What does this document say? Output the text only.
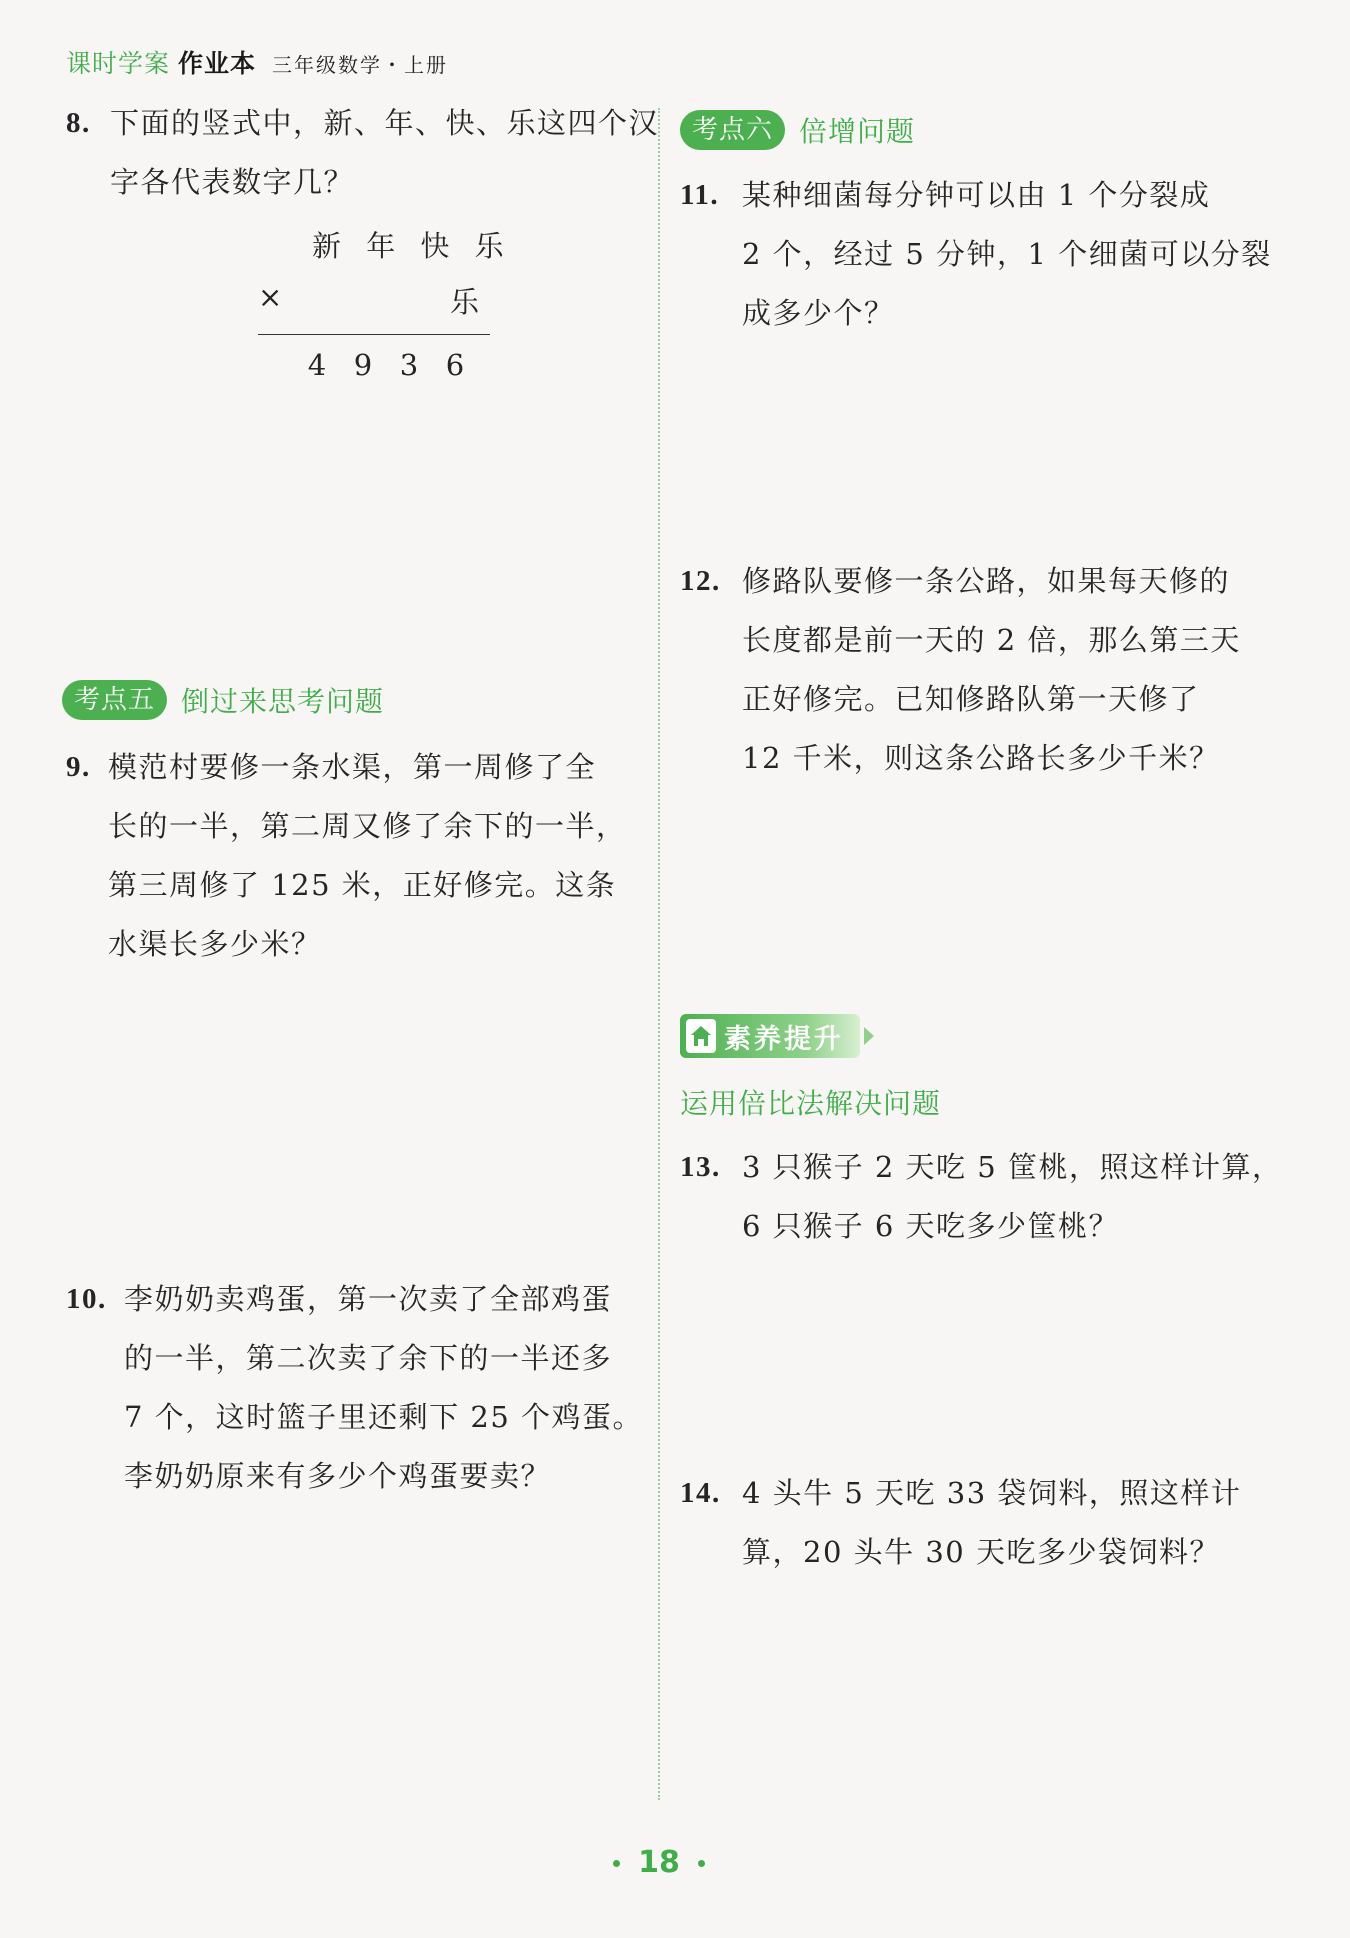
课时学案 作业本 三年级数学・上册
8. 下面的竖式中，新、年、快、乐这四个汉
字各代表数字几？
新 年 快 乐
×	乐
4 9 3 6
考点五 倒过来思考问题
9. 模范村要修一条水渠，第一周修了全
长的一半，第二周又修了余下的一半，
第三周修了 125 米，正好修完。这条
水渠长多少米？
10. 李奶奶卖鸡蛋，第一次卖了全部鸡蛋
的一半，第二次卖了余下的一半还多
7 个，这时篮子里还剩下 25 个鸡蛋。
李奶奶原来有多少个鸡蛋要卖？
考点六 倍增问题
11. 某种细菌每分钟可以由 1 个分裂成
2 个，经过 5 分钟，1 个细菌可以分裂
成多少个？
12. 修路队要修一条公路，如果每天修的
长度都是前一天的 2 倍，那么第三天
正好修完。已知修路队第一天修了
12 千米，则这条公路长多少千米？
素养提升
运用倍比法解决问题
13. 3 只猴子 2 天吃 5 筐桃，照这样计算，
6 只猴子 6 天吃多少筐桃？
14. 4 头牛 5 天吃 33 袋饲料，照这样计
算，20 头牛 30 天吃多少袋饲料？
18
